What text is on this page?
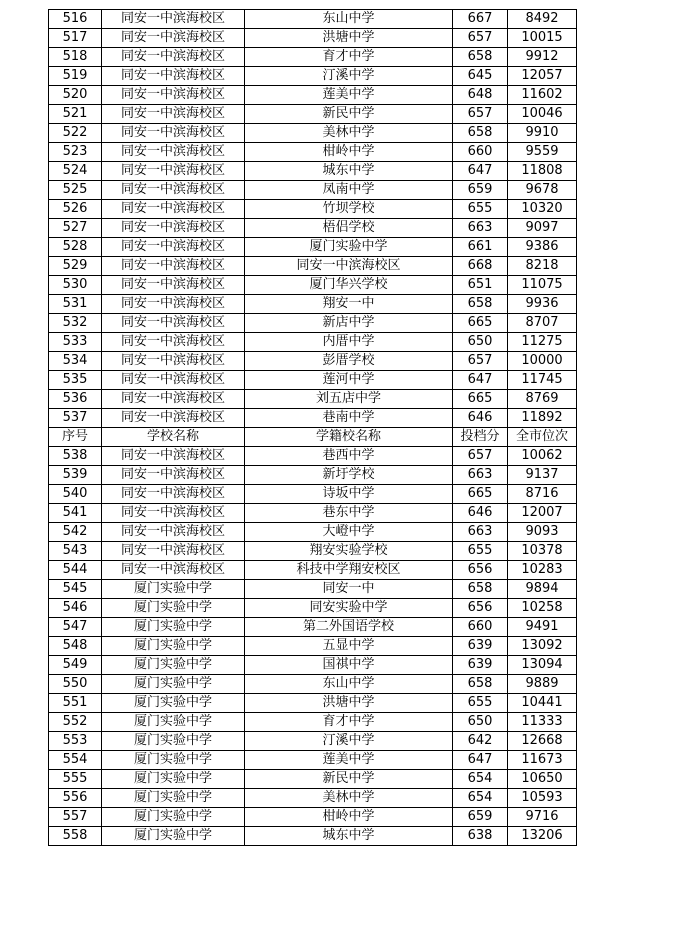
516	同安一中滨海校区	东山中学	667	8492
517	同安一中滨海校区	洪塘中学	657	10015
518	同安一中滨海校区	育才中学	658	9912
519	同安一中滨海校区	汀溪中学	645	12057
520	同安一中滨海校区	莲美中学	648	11602
521	同安一中滨海校区	新民中学	657	10046
522	同安一中滨海校区	美林中学	658	9910
523	同安一中滨海校区	柑岭中学	660	9559
524	同安一中滨海校区	城东中学	647	11808
525	同安一中滨海校区	凤南中学	659	9678
526	同安一中滨海校区	竹坝学校	655	10320
527	同安一中滨海校区	梧侣学校	663	9097
528	同安一中滨海校区	厦门实验中学	661	9386
529	同安一中滨海校区	同安一中滨海校区	668	8218
530	同安一中滨海校区	厦门华兴学校	651	11075
531	同安一中滨海校区	翔安一中	658	9936
532	同安一中滨海校区	新店中学	665	8707
533	同安一中滨海校区	内厝中学	650	11275
534	同安一中滨海校区	彭厝学校	657	10000
535	同安一中滨海校区	莲河中学	647	11745
536	同安一中滨海校区	刘五店中学	665	8769
537	同安一中滨海校区	巷南中学	646	11892
序号	学校名称	学籍校名称	投档分	全市位次
538	同安一中滨海校区	巷西中学	657	10062
539	同安一中滨海校区	新圩学校	663	9137
540	同安一中滨海校区	诗坂中学	665	8716
541	同安一中滨海校区	巷东中学	646	12007
542	同安一中滨海校区	大嶝中学	663	9093
543	同安一中滨海校区	翔安实验学校	655	10378
544	同安一中滨海校区	科技中学翔安校区	656	10283
545	厦门实验中学	同安一中	658	9894
546	厦门实验中学	同安实验中学	656	10258
547	厦门实验中学	第二外国语学校	660	9491
548	厦门实验中学	五显中学	639	13092
549	厦门实验中学	国祺中学	639	13094
550	厦门实验中学	东山中学	658	9889
551	厦门实验中学	洪塘中学	655	10441
552	厦门实验中学	育才中学	650	11333
553	厦门实验中学	汀溪中学	642	12668
554	厦门实验中学	莲美中学	647	11673
555	厦门实验中学	新民中学	654	10650
556	厦门实验中学	美林中学	654	10593
557	厦门实验中学	柑岭中学	659	9716
558	厦门实验中学	城东中学	638	13206
